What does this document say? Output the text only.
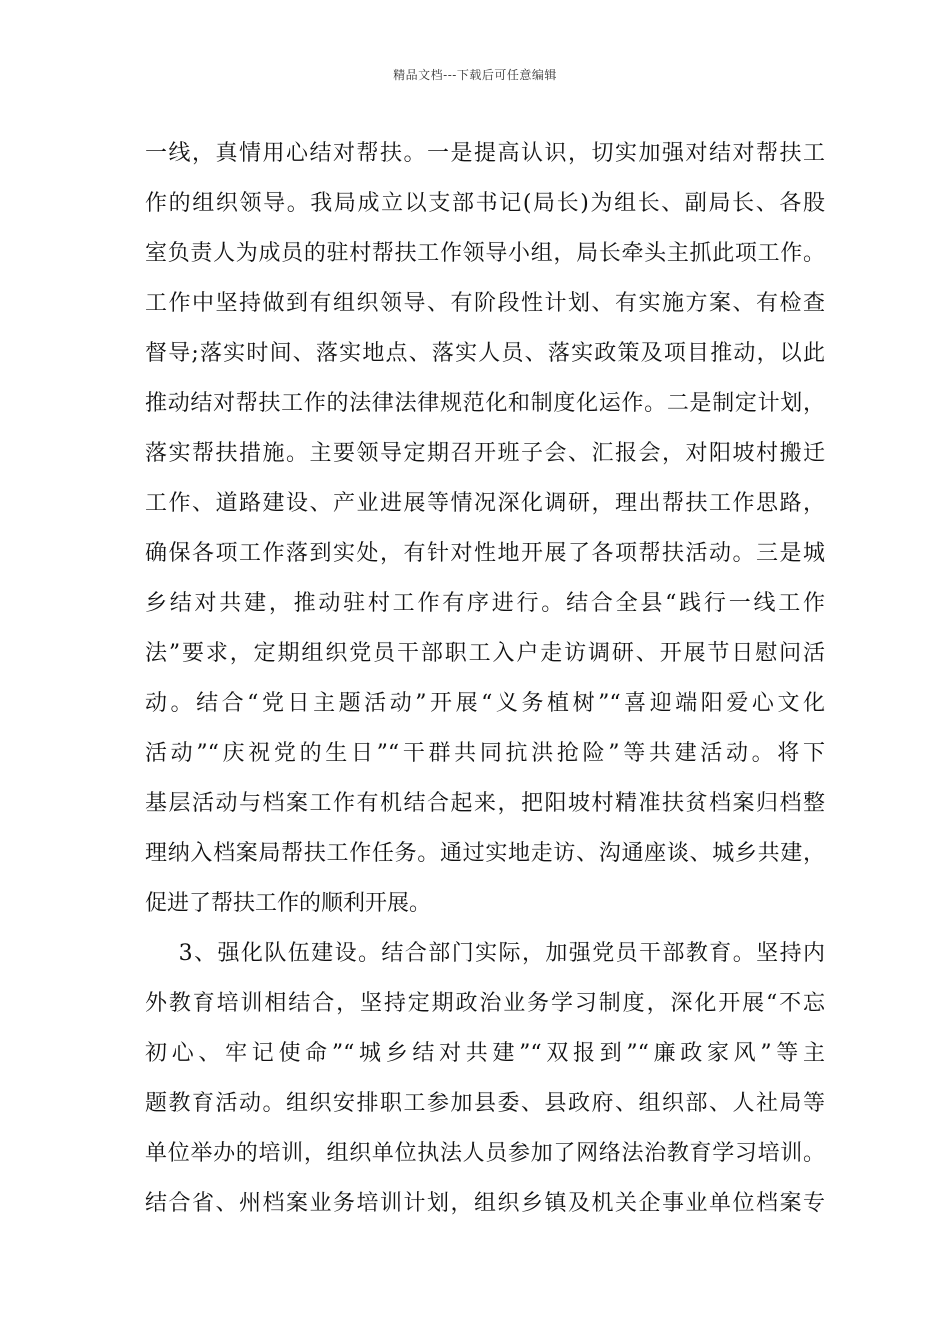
精品文档---下载后可任意编辑
一线，真情用心结对帮扶。一是提高认识，切实加强对结对帮扶工
作的组织领导。我局成立以支部书记(局长)为组长、副局长、各股
室负责人为成员的驻村帮扶工作领导小组，局长牵头主抓此项工作。
工作中坚持做到有组织领导、有阶段性计划、有实施方案、有检查
督导;落实时间、落实地点、落实人员、落实政策及项目推动，以此
推动结对帮扶工作的法律法律规范化和制度化运作。二是制定计划，
落实帮扶措施。主要领导定期召开班子会、汇报会，对阳坡村搬迁
工作、道路建设、产业进展等情况深化调研，理出帮扶工作思路，
确保各项工作落到实处，有针对性地开展了各项帮扶活动。三是城
乡结对共建，推动驻村工作有序进行。结合全县“践行一线工作
法”要求，定期组织党员干部职工入户走访调研、开展节日慰问活
动。结合“党日主题活动”开展“义务植树”“喜迎端阳爱心文化
活动”“庆祝党的生日”“干群共同抗洪抢险”等共建活动。将下
基层活动与档案工作有机结合起来，把阳坡村精准扶贫档案归档整
理纳入档案局帮扶工作任务。通过实地走访、沟通座谈、城乡共建，
促进了帮扶工作的顺利开展。
3、强化队伍建设。结合部门实际，加强党员干部教育。坚持内
外教育培训相结合，坚持定期政治业务学习制度，深化开展“不忘
初心、牢记使命”“城乡结对共建”“双报到”“廉政家风”等主
题教育活动。组织安排职工参加县委、县政府、组织部、人社局等
单位举办的培训，组织单位执法人员参加了网络法治教育学习培训。
结合省、州档案业务培训计划，组织乡镇及机关企事业单位档案专
